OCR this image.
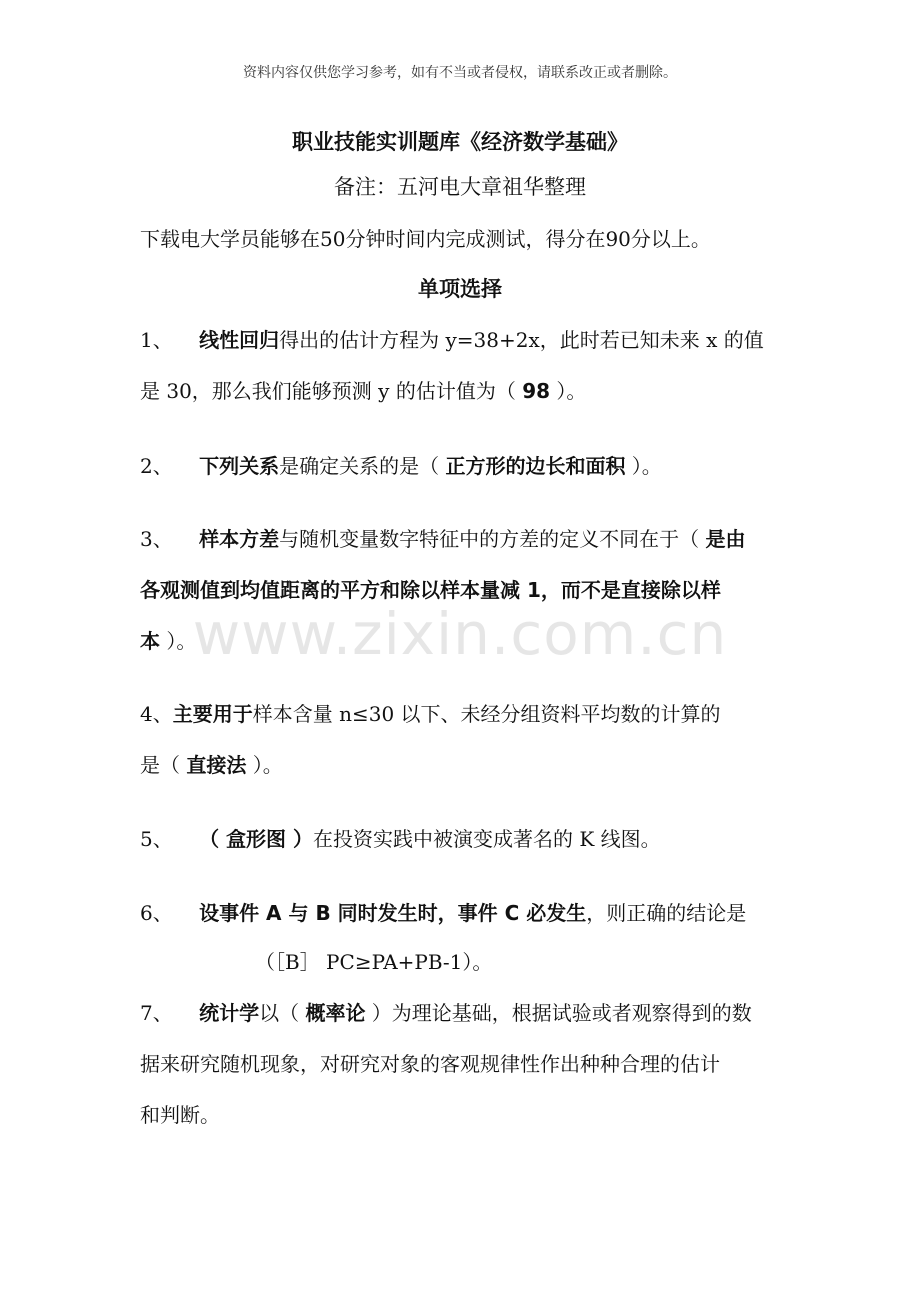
www.zixin.com.cn
资料内容仅供您学习参考，如有不当或者侵权，请联系改正或者删除。
职业技能实训题库《经济数学基础》
备注：五河电大章祖华整理
下载电大学员能够在50分钟时间内完成测试，得分在90分以上。
单项选择
1、 线性回归得出的估计方程为 y=38+2x，此时若已知未来 x 的值
是 30，那么我们能够预测 y 的估计值为（ 98 ）。
2、 下列关系是确定关系的是（ 正方形的边长和面积 ）。
3、 样本方差与随机变量数字特征中的方差的定义不同在于（ 是由
各观测值到均值距离的平方和除以样本量减 1，而不是直接除以样
本 ）。
4、主要用于样本含量 n≤30 以下、未经分组资料平均数的计算的
是（ 直接法 ）。
5、 （ 盒形图 ）在投资实践中被演变成著名的 K 线图。
6、 设事件 A 与 B 同时发生时，事件 C 必发生，则正确的结论是
（［B］ PC≥PA+PB-1）。
7、 统计学以（ 概率论 ）为理论基础，根据试验或者观察得到的数
据来研究随机现象，对研究对象的客观规律性作出种种合理的估计
和判断。
